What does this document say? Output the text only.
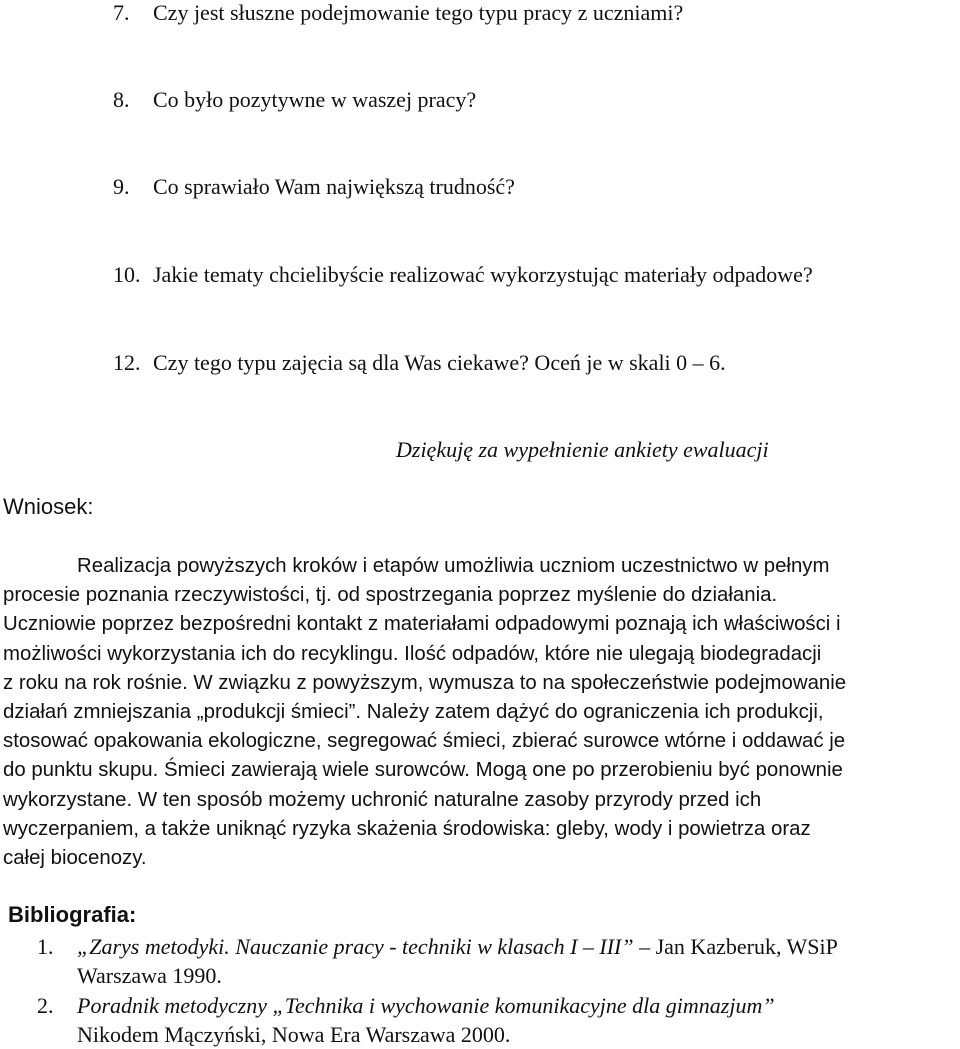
7. Czy jest słuszne podejmowanie tego typu pracy z uczniami?
8. Co było pozytywne w waszej pracy?
9. Co sprawiało Wam największą trudność?
10. Jakie tematy chcielibyście realizować wykorzystując materiały odpadowe?
12. Czy tego typu zajęcia są dla Was ciekawe? Oceń je w skali 0 – 6.
Dziękuję za wypełnienie ankiety ewaluacji
Wniosek:
Realizacja powyższych kroków i etapów umożliwia uczniom uczestnictwo w pełnym
procesie poznania rzeczywistości, tj. od spostrzegania poprzez myślenie do działania.
Uczniowie poprzez bezpośredni kontakt z materiałami odpadowymi poznają ich właściwości i
możliwości wykorzystania ich do recyklingu. Ilość odpadów, które nie ulegają biodegradacji
z roku na rok rośnie. W związku z powyższym, wymusza to na społeczeństwie podejmowanie
działań zmniejszania „produkcji śmieci”. Należy zatem dążyć do ograniczenia ich produkcji,
stosować opakowania ekologiczne, segregować śmieci, zbierać surowce wtórne i oddawać je
do punktu skupu. Śmieci zawierają wiele surowców. Mogą one po przerobieniu być ponownie
wykorzystane. W ten sposób możemy uchronić naturalne zasoby przyrody przed ich
wyczerpaniem, a także uniknąć ryzyka skażenia środowiska: gleby, wody i powietrza oraz
całej biocenozy.
Bibliografia:
1. „Zarys metodyki. Nauczanie pracy - techniki w klasach I – III” – Jan Kazberuk, WSiP
Warszawa 1990.
2. Poradnik metodyczny „Technika i wychowanie komunikacyjne dla gimnazjum”
Nikodem Mączyński, Nowa Era Warszawa 2000.
